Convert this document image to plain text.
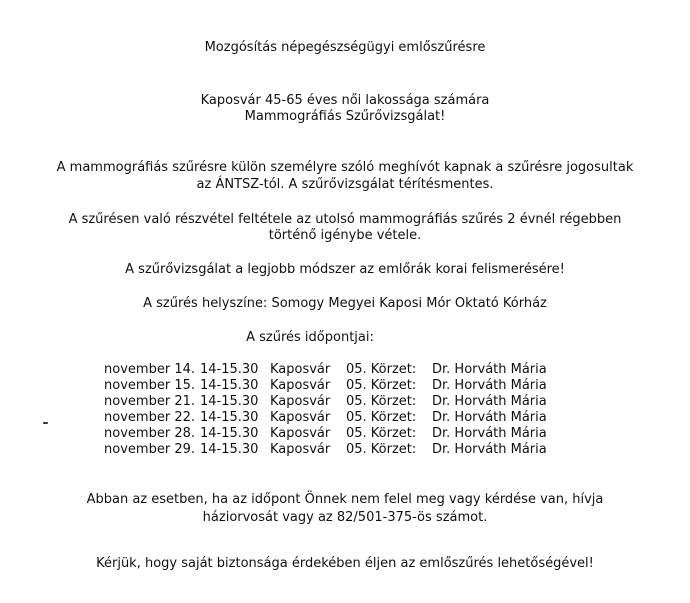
Mozgósítás népegészségügyi emlőszűrésre
Kaposvár 45-65 éves női lakossága számára
Mammográfiás Szűrővizsgálat!
A mammográfiás szűrésre külön személyre szóló meghívót kapnak a szűrésre jogosultak
az ÁNTSZ-tól. A szűrővizsgálat térítésmentes.
A szűrésen való részvétel feltétele az utolsó mammográfiás szűrés 2 évnél régebben
történő igénybe vétele.
A szűrővizsgálat a legjobb módszer az emlőrák korai felismerésére!
A szűrés helyszíne: Somogy Megyei Kaposi Mór Oktató Kórház
A szűrés időpontjai:
november 14. 14-15.30 Kaposvár 05. Körzet: Dr. Horváth Mária
november 15. 14-15.30 Kaposvár 05. Körzet: Dr. Horváth Mária
november 21. 14-15.30 Kaposvár 05. Körzet: Dr. Horváth Mária
november 22. 14-15.30 Kaposvár 05. Körzet: Dr. Horváth Mária
november 28. 14-15.30 Kaposvár 05. Körzet: Dr. Horváth Mária
november 29. 14-15.30 Kaposvár 05. Körzet: Dr. Horváth Mária
Abban az esetben, ha az időpont Önnek nem felel meg vagy kérdése van, hívja
háziorvosát vagy az 82/501-375-ös számot.
Kérjük, hogy saját biztonsága érdekében éljen az emlőszűrés lehetőségével!
